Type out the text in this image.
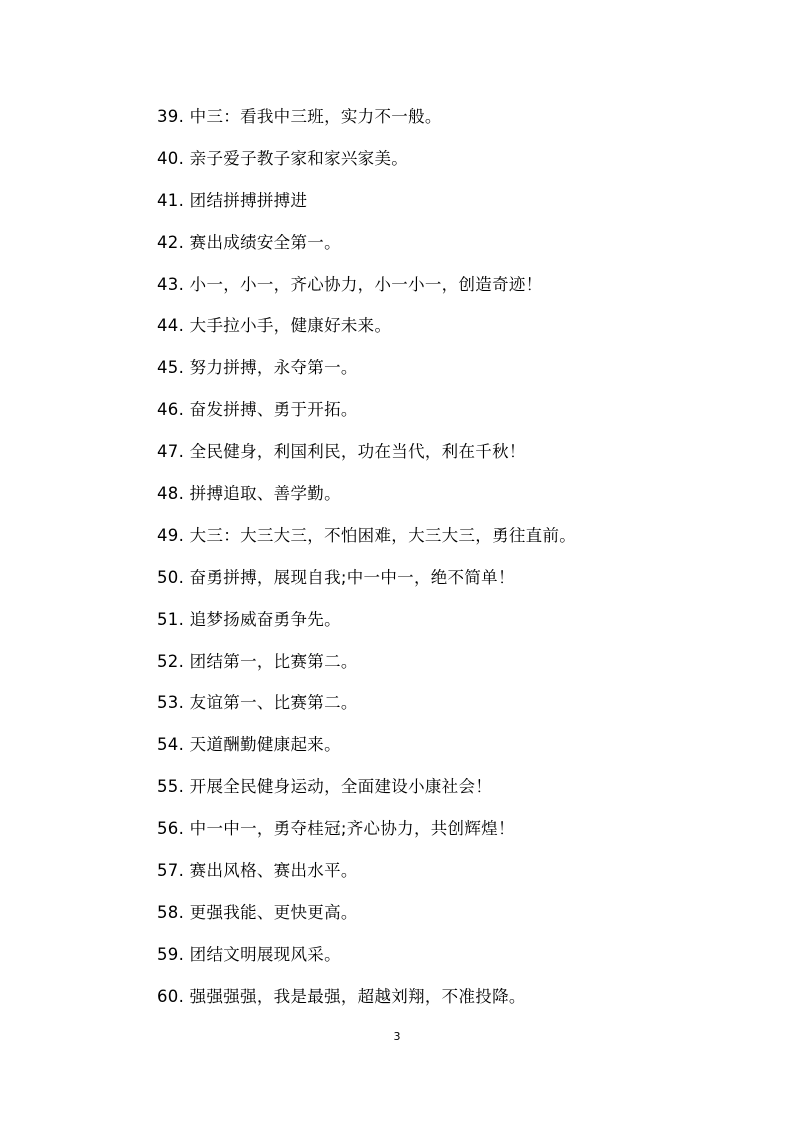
39. 中三：看我中三班，实力不一般。
40. 亲子爱子教子家和家兴家美。
41. 团结拼搏拼搏进
42. 赛出成绩安全第一。
43. 小一，小一，齐心协力，小一小一，创造奇迹！
44. 大手拉小手，健康好未来。
45. 努力拼搏，永夺第一。
46. 奋发拼搏、勇于开拓。
47. 全民健身，利国利民，功在当代，利在千秋！
48. 拼搏追取、善学勤。
49. 大三：大三大三，不怕困难，大三大三，勇往直前。
50. 奋勇拼搏，展现自我;中一中一，绝不简单！
51. 追梦扬威奋勇争先。
52. 团结第一，比赛第二。
53. 友谊第一、比赛第二。
54. 天道酬勤健康起来。
55. 开展全民健身运动，全面建设小康社会！
56. 中一中一，勇夺桂冠;齐心协力，共创辉煌！
57. 赛出风格、赛出水平。
58. 更强我能、更快更高。
59. 团结文明展现风采。
60. 强强强强，我是最强，超越刘翔，不准投降。
3
